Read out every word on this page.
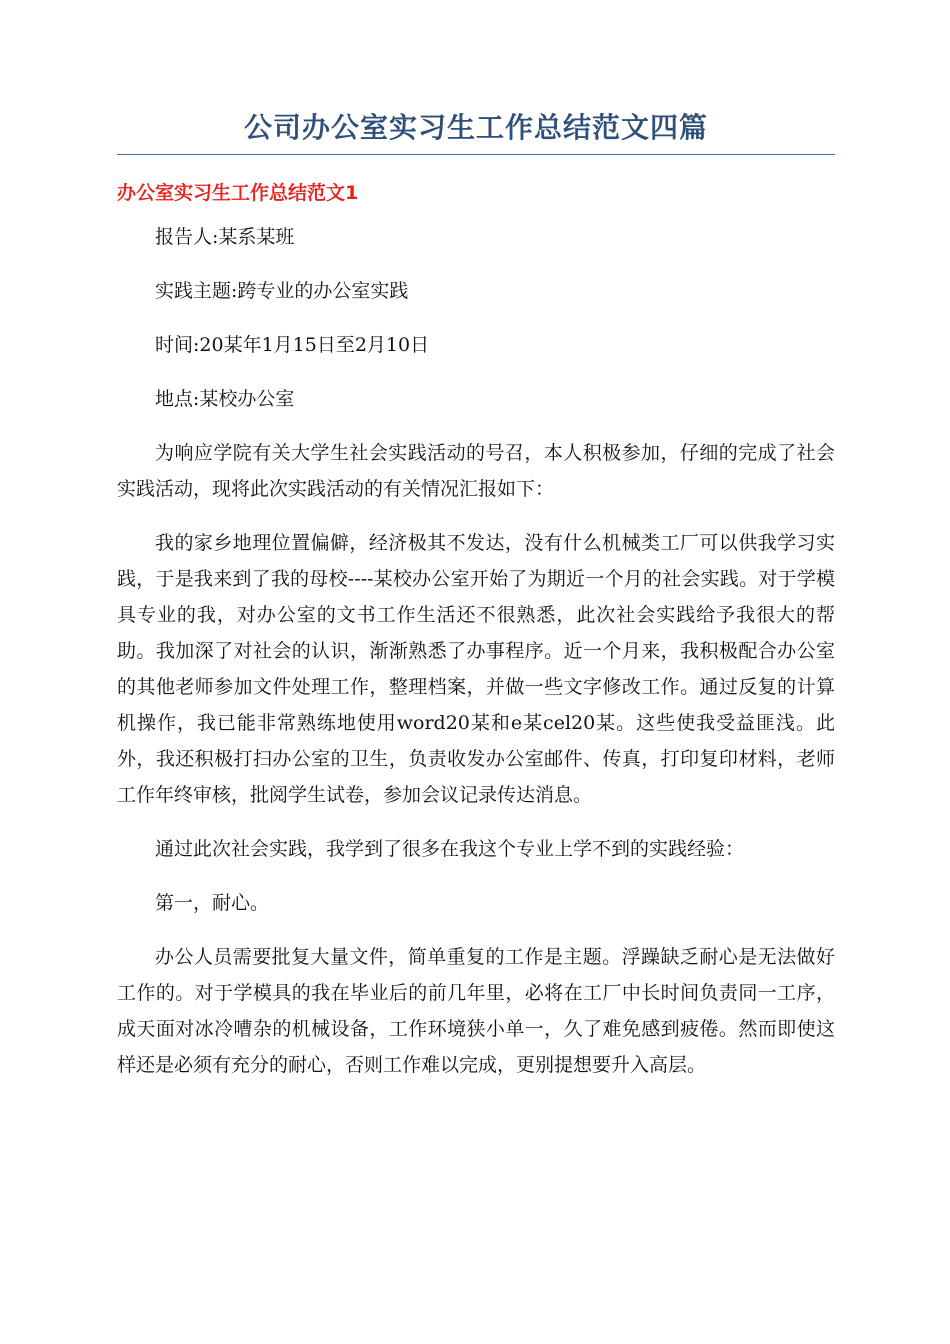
公司办公室实习生工作总结范文四篇
办公室实习生工作总结范文1

报告人:某系某班

实践主题:跨专业的办公室实践

时间:20某年1月15日至2月10日

地点:某校办公室

为响应学院有关大学生社会实践活动的号召，本人积极参加，仔细的完成了社会实践活动，现将此次实践活动的有关情况汇报如下：

我的家乡地理位置偏僻，经济极其不发达，没有什么机械类工厂可以供我学习实践，于是我来到了我的母校----某校办公室开始了为期近一个月的社会实践。对于学模具专业的我，对办公室的文书工作生活还不很熟悉，此次社会实践给予我很大的帮助。我加深了对社会的认识，渐渐熟悉了办事程序。近一个月来，我积极配合办公室的其他老师参加文件处理工作，整理档案，并做一些文字修改工作。通过反复的计算机操作，我已能非常熟练地使用word20某和e某cel20某。这些使我受益匪浅。此外，我还积极打扫办公室的卫生，负责收发办公室邮件、传真，打印复印材料，老师工作年终审核，批阅学生试卷，参加会议记录传达消息。

通过此次社会实践，我学到了很多在我这个专业上学不到的实践经验：

第一，耐心。

办公人员需要批复大量文件，简单重复的工作是主题。浮躁缺乏耐心是无法做好工作的。对于学模具的我在毕业后的前几年里，必将在工厂中长时间负责同一工序，成天面对冰冷嘈杂的机械设备，工作环境狭小单一，久了难免感到疲倦。然而即使这样还是必须有充分的耐心，否则工作难以完成，更别提想要升入高层。
